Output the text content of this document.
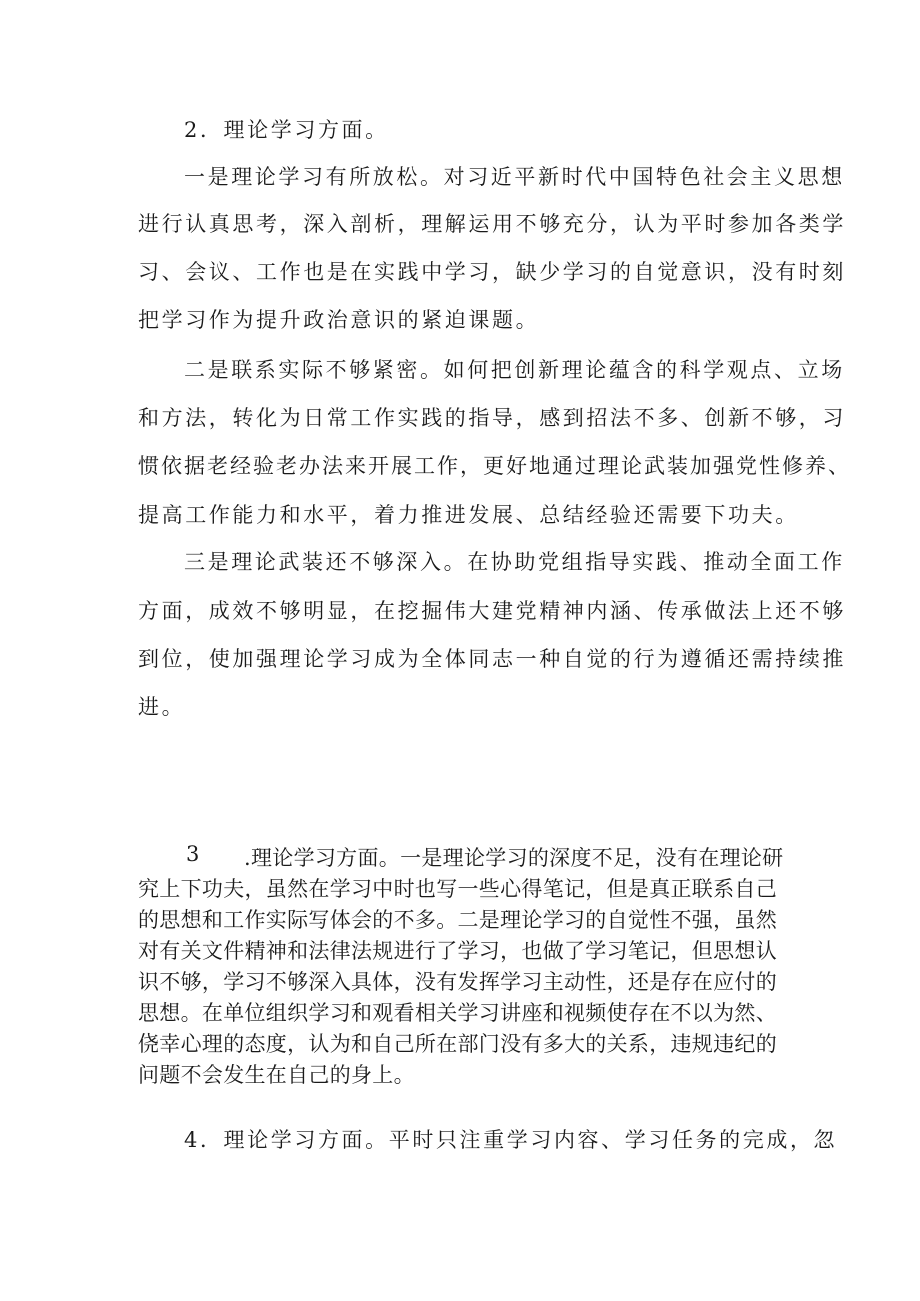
2．理论学习方面。

一是理论学习有所放松。对习近平新时代中国特色社会主义思想

进行认真思考，深入剖析，理解运用不够充分，认为平时参加各类学

习、会议、工作也是在实践中学习，缺少学习的自觉意识，没有时刻

把学习作为提升政治意识的紧迫课题。

二是联系实际不够紧密。如何把创新理论蕴含的科学观点、立场

和方法，转化为日常工作实践的指导，感到招法不多、创新不够，习

惯依据老经验老办法来开展工作，更好地通过理论武装加强党性修养、

提高工作能力和水平，着力推进发展、总结经验还需要下功夫。

三是理论武装还不够深入。在协助党组指导实践、推动全面工作

方面，成效不够明显，在挖掘伟大建党精神内涵、传承做法上还不够

到位，使加强理论学习成为全体同志一种自觉的行为遵循还需持续推

进。

3 .理论学习方面。一是理论学习的深度不足，没有在理论研

究上下功夫，虽然在学习中时也写一些心得笔记，但是真正联系自己

的思想和工作实际写体会的不多。二是理论学习的自觉性不强，虽然

对有关文件精神和法律法规进行了学习，也做了学习笔记，但思想认

识不够，学习不够深入具体，没有发挥学习主动性，还是存在应付的

思想。在单位组织学习和观看相关学习讲座和视频使存在不以为然、

侥幸心理的态度，认为和自己所在部门没有多大的关系，违规违纪的

问题不会发生在自己的身上。

4．理论学习方面。平时只注重学习内容、学习任务的完成，忽
